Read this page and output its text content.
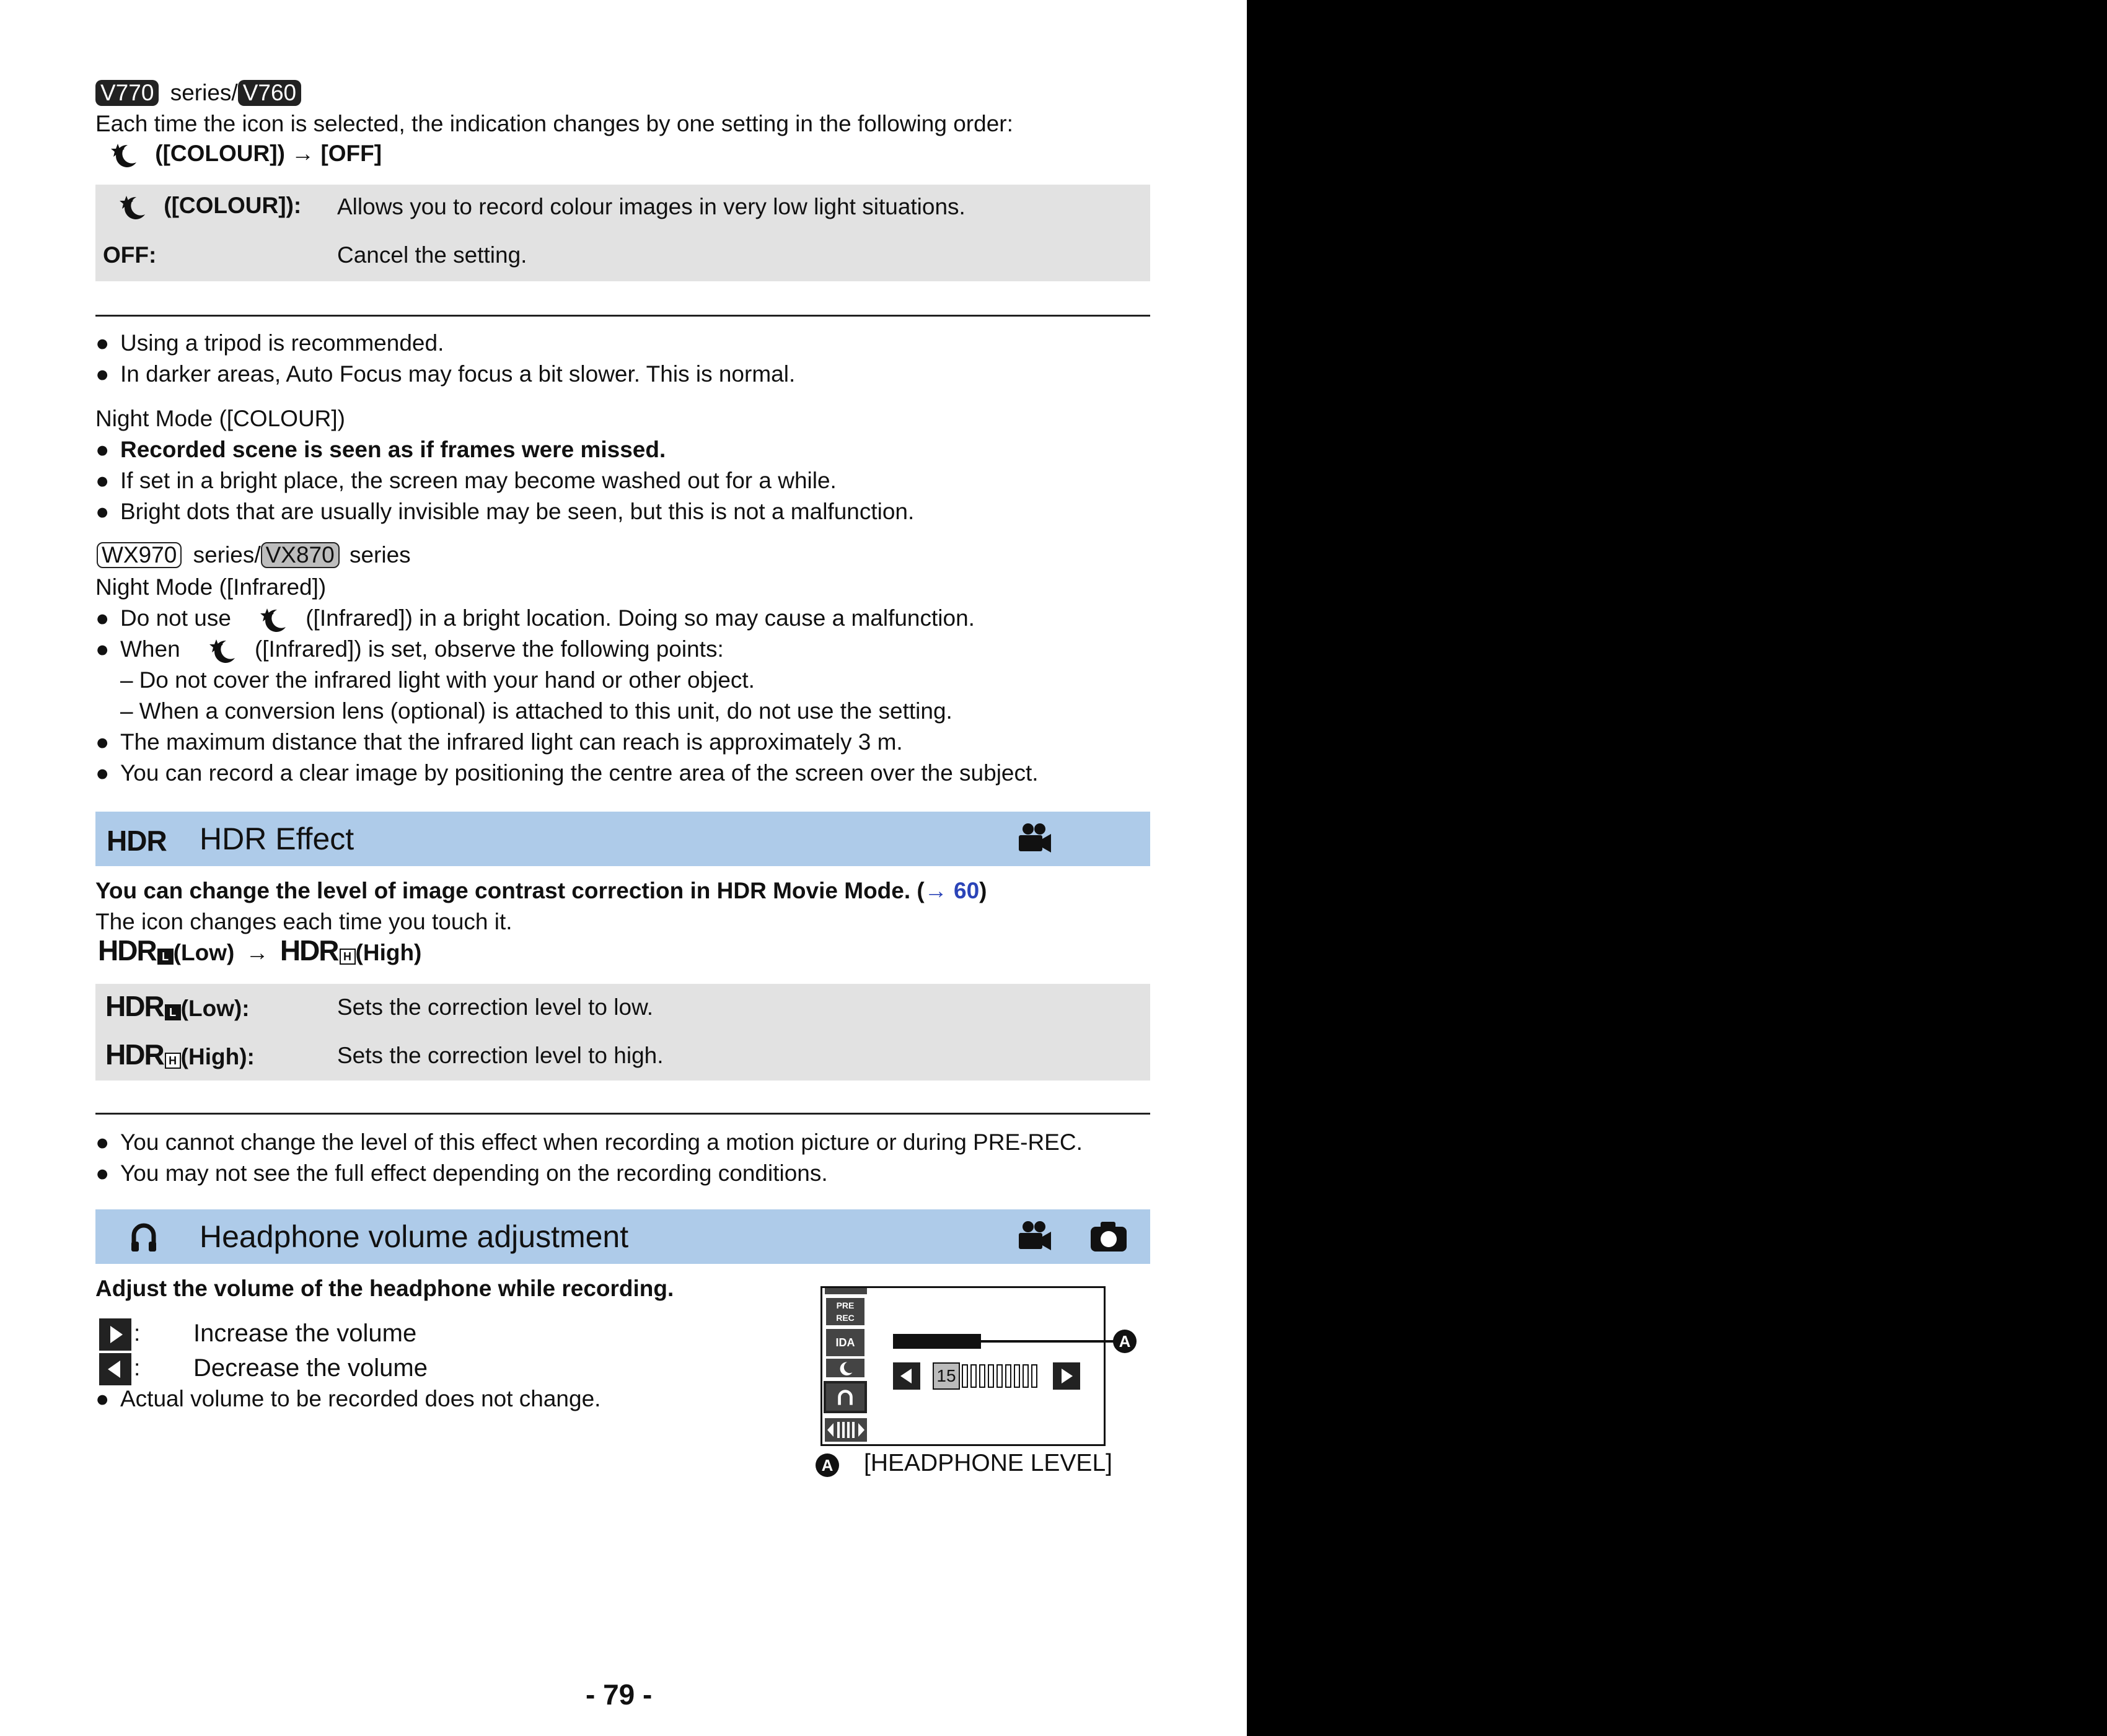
V770 series/ V760
Each time the icon is selected, the indication changes by one setting in the following order:
([COLOUR]) → [OFF]
([COLOUR]): Allows you to record colour images in very low light situations.
OFF:	Cancel the setting.
● Using a tripod is recommended.
● In darker areas, Auto Focus may focus a bit slower. This is normal.
Night Mode ([COLOUR])
● Recorded scene is seen as if frames were missed.
● If set in a bright place, the screen may become washed out for a while.
● Bright dots that are usually invisible may be seen, but this is not a malfunction.
WX970 series/ VX870 series
Night Mode ([Infrared])
● Do not use	([Infrared]) in a bright location. Doing so may cause a malfunction.
● When	([Infrared]) is set, observe the following points:
– Do not cover the infrared light with your hand or other object.
– When a conversion lens (optional) is attached to this unit, do not use the setting.
● The maximum distance that the infrared light can reach is approximately 3 m.
● You can record a clear image by positioning the centre area of the screen over the subject.
HDR HDR Effect
You can change the level of image contrast correction in HDR Movie Mode. (→ 60)
The icon changes each time you touch it.
HDR L (Low) → HDR H (High)
HDR L (Low):	Sets the correction level to low.
HDR H (High):	Sets the correction level to high.
● You cannot change the level of this effect when recording a motion picture or during PRE-REC.
● You may not see the full effect depending on the recording conditions.
Headphone volume adjustment
Adjust the volume of the headphone while recording.
: Increase the volume
: Decrease the volume
● Actual volume to be recorded does not change.
PRE REC
IDA
15
A
A [HEADPHONE LEVEL]
- 79 -
